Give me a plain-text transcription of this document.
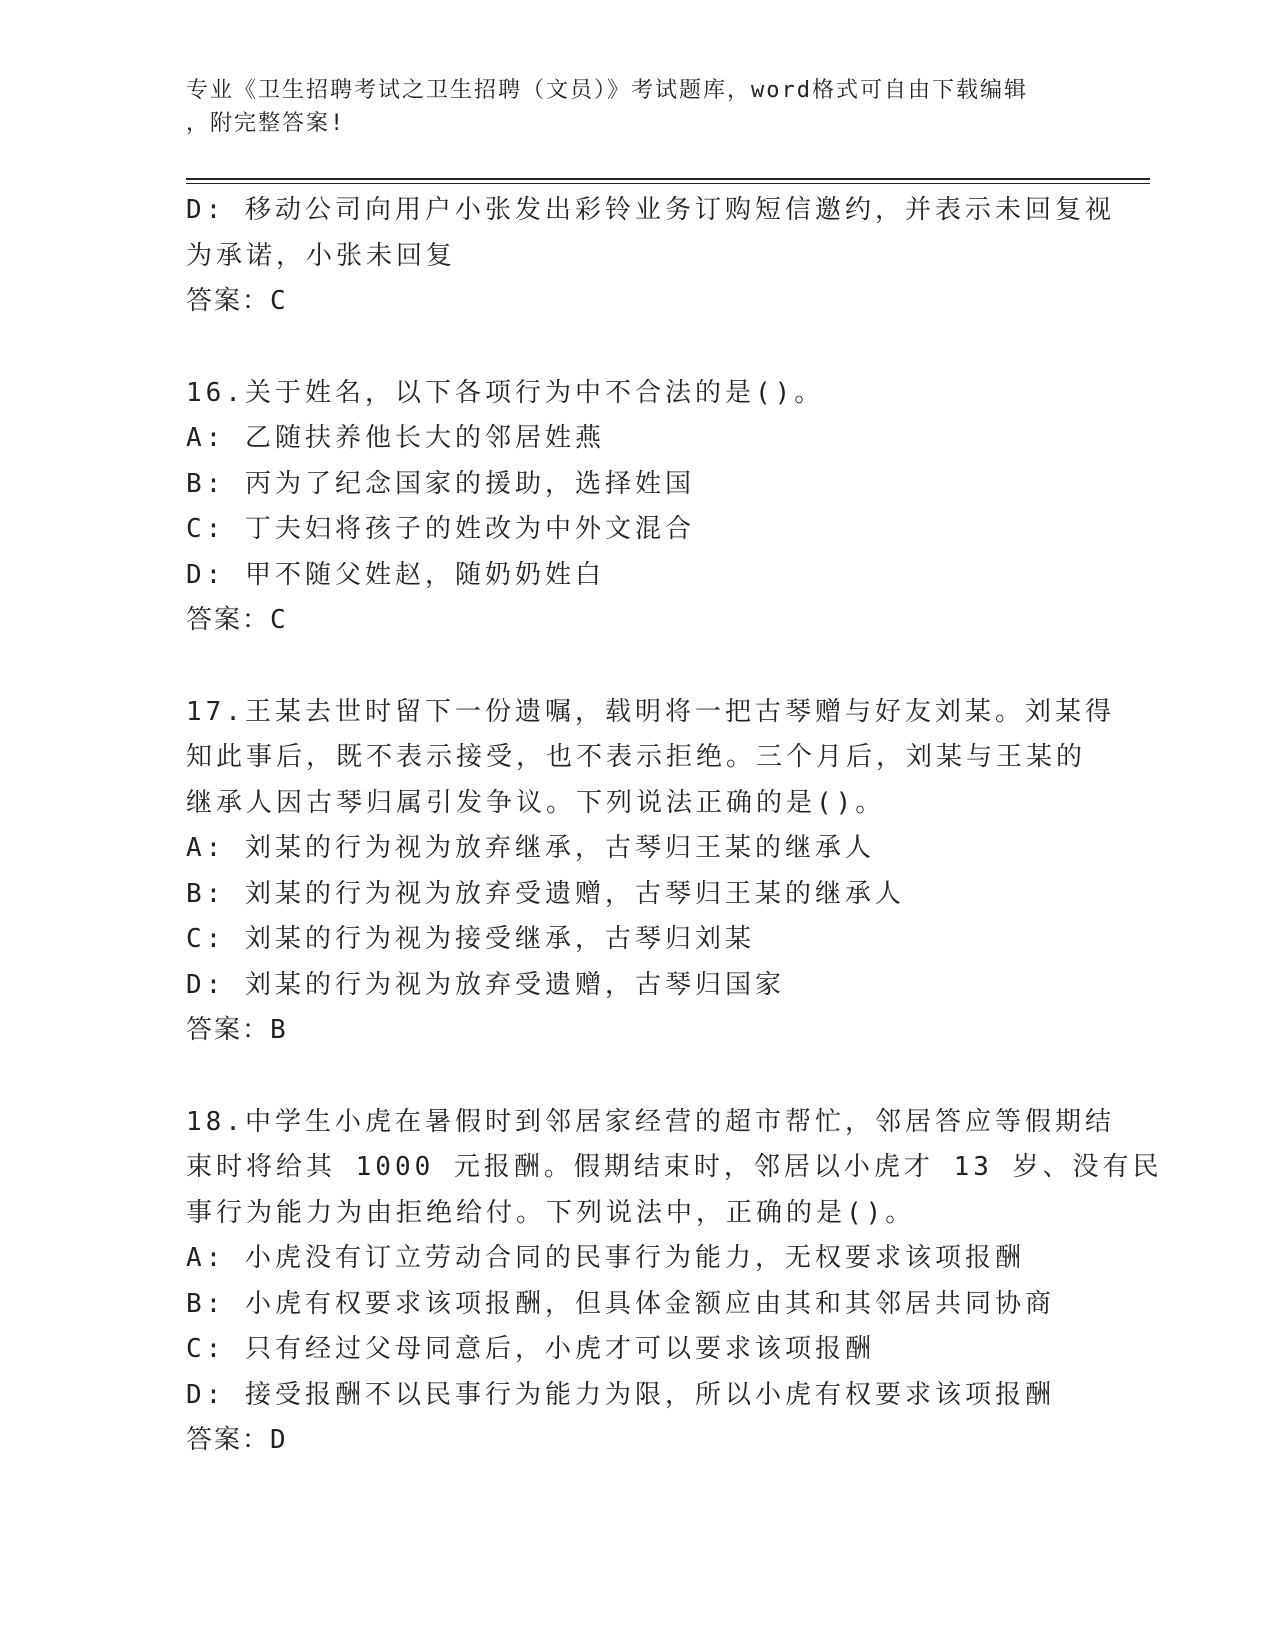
专业《卫生招聘考试之卫生招聘（文员）》考试题库，word格式可自由下载编辑
，附完整答案!
D: 移动公司向用户小张发出彩铃业务订购短信邀约，并表示未回复视
为承诺，小张未回复
答案：C
16.关于姓名，以下各项行为中不合法的是()。
A: 乙随扶养他长大的邻居姓燕
B: 丙为了纪念国家的援助，选择姓国
C: 丁夫妇将孩子的姓改为中外文混合
D: 甲不随父姓赵，随奶奶姓白
答案：C
17.王某去世时留下一份遗嘱，载明将一把古琴赠与好友刘某。刘某得
知此事后，既不表示接受，也不表示拒绝。三个月后，刘某与王某的
继承人因古琴归属引发争议。下列说法正确的是()。
A: 刘某的行为视为放弃继承，古琴归王某的继承人
B: 刘某的行为视为放弃受遗赠，古琴归王某的继承人
C: 刘某的行为视为接受继承，古琴归刘某
D: 刘某的行为视为放弃受遗赠，古琴归国家
答案：B
18.中学生小虎在暑假时到邻居家经营的超市帮忙，邻居答应等假期结
束时将给其 1000 元报酬。假期结束时，邻居以小虎才 13 岁、没有民
事行为能力为由拒绝给付。下列说法中，正确的是()。
A: 小虎没有订立劳动合同的民事行为能力，无权要求该项报酬
B: 小虎有权要求该项报酬，但具体金额应由其和其邻居共同协商
C: 只有经过父母同意后，小虎才可以要求该项报酬
D: 接受报酬不以民事行为能力为限，所以小虎有权要求该项报酬
答案：D
